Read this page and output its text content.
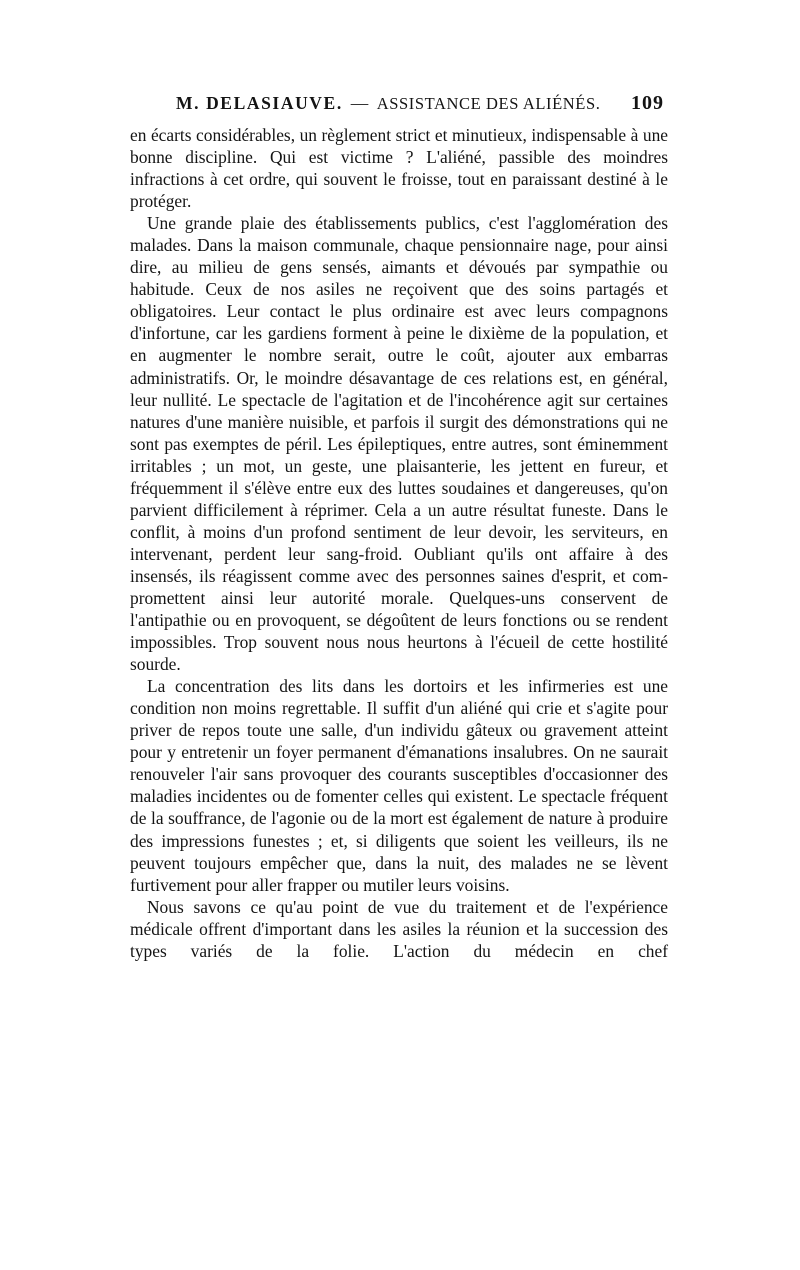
M. DELASIAUVE. — ASSISTANCE DES ALIÉNÉS.	109

en écarts considérables, un règlement strict et minutieux, indispensable à une bonne discipline. Qui est victime ? L'aliéné, passible des moindres infractions à cet ordre, qui souvent le froisse, tout en paraissant destiné à le protéger.

Une grande plaie des établissements publics, c'est l'agglomération des malades. Dans la maison communale, chaque pensionnaire nage, pour ainsi dire, au milieu de gens sensés, aimants et dévoués par sympathie ou habitude. Ceux de nos asiles ne reçoivent que des soins partagés et obligatoires. Leur contact le plus ordinaire est avec leurs compagnons d'infortune, car les gardiens forment à peine le dixième de la population, et en augmenter le nombre serait, outre le coût, ajouter aux embarras administratifs. Or, le moindre désavantage de ces relations est, en général, leur nullité. Le spectacle de l'agitation et de l'incohérence agit sur certaines natures d'une manière nuisible, et parfois il surgit des démonstrations qui ne sont pas exemptes de péril. Les épileptiques, entre autres, sont éminemment irritables ; un mot, un geste, une plaisanterie, les jettent en fureur, et fréquemment il s'élève entre eux des luttes soudaines et dangereuses, qu'on parvient difficilement à réprimer. Cela a un autre résultat funeste. Dans le conflit, à moins d'un profond sentiment de leur devoir, les serviteurs, en intervenant, perdent leur sang-froid. Oubliant qu'ils ont affaire à des insensés, ils réagissent comme avec des personnes saines d'esprit, et compromettent ainsi leur autorité morale. Quelques-uns conservent de l'antipathie ou en provoquent, se dégoûtent de leurs fonctions ou se rendent impossibles. Trop souvent nous nous heurtons à l'écueil de cette hostilité sourde.

La concentration des lits dans les dortoirs et les infirmeries est une condition non moins regrettable. Il suffit d'un aliéné qui crie et s'agite pour priver de repos toute une salle, d'un individu gâteux ou gravement atteint pour y entretenir un foyer permanent d'émanations insalubres. On ne saurait renouveler l'air sans provoquer des courants susceptibles d'occasionner des maladies incidentes ou de fomenter celles qui existent. Le spectacle fréquent de la souffrance, de l'agonie ou de la mort est également de nature à produire des impressions funestes ; et, si diligents que soient les veilleurs, ils ne peuvent toujours empêcher que, dans la nuit, des malades ne se lèvent furtivement pour aller frapper ou mutiler leurs voisins.

Nous savons ce qu'au point de vue du traitement et de l'expérience médicale offrent d'important dans les asiles la réunion et la succession des types variés de la folie. L'action du médecin en chef
